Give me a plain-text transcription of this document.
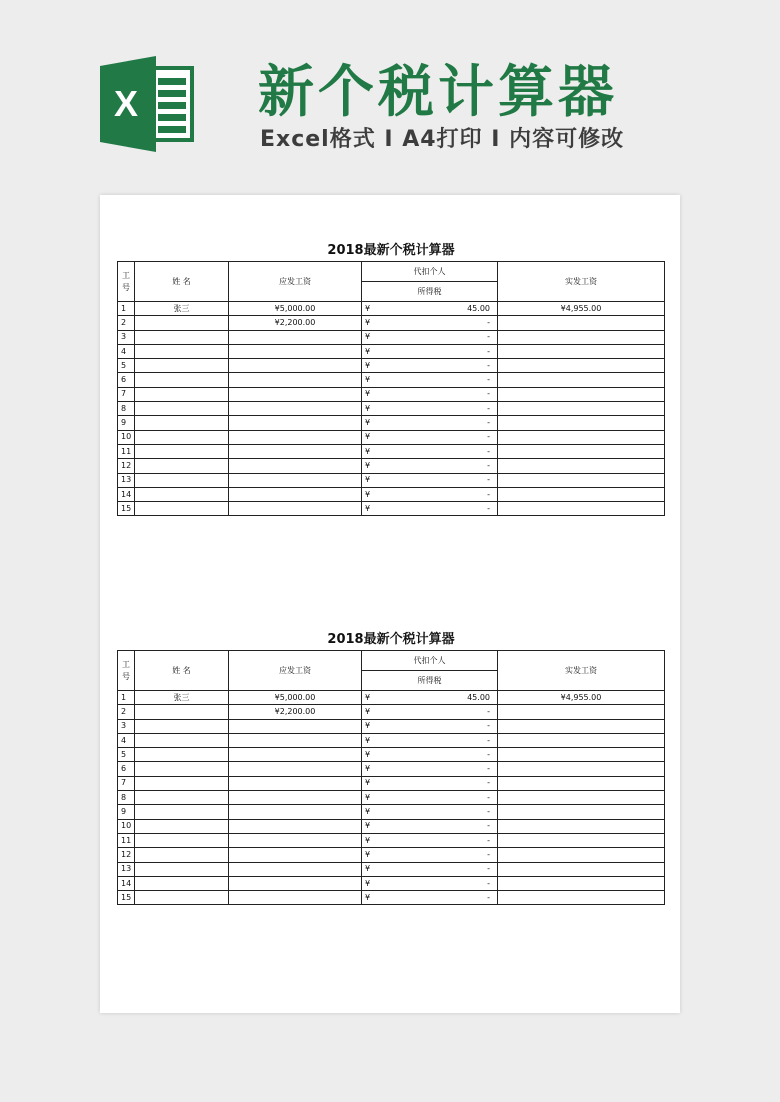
X 新个税计算器
Excel格式 Ⅰ A4打印 Ⅰ 内容可修改
2018最新个税计算器
工号	姓 名	应发工资	代扣个人	实发工资
			所得税	
1	张三	¥5,000.00	¥ 45.00	¥4,955.00
2		¥2,200.00	¥ -	

3			¥ -	

4			¥ -	

5			¥ -	

6			¥ -	

7			¥ -	

8			¥ -	

9			¥ -	

10			¥ -	

11			¥ -	

12			¥ -	

13			¥ -	

14			¥ -	

15			¥ -	

2018最新个税计算器
工号	姓 名	应发工资	代扣个人	实发工资
			所得税	
1	张三	¥5,000.00	¥ 45.00	¥4,955.00
2		¥2,200.00	¥ -	

3			¥ -	

4			¥ -	

5			¥ -	

6			¥ -	

7			¥ -	

8			¥ -	

9			¥ -	

10			¥ -	

11			¥ -	

12			¥ -	

13			¥ -	

14			¥ -	

15			¥ -	
